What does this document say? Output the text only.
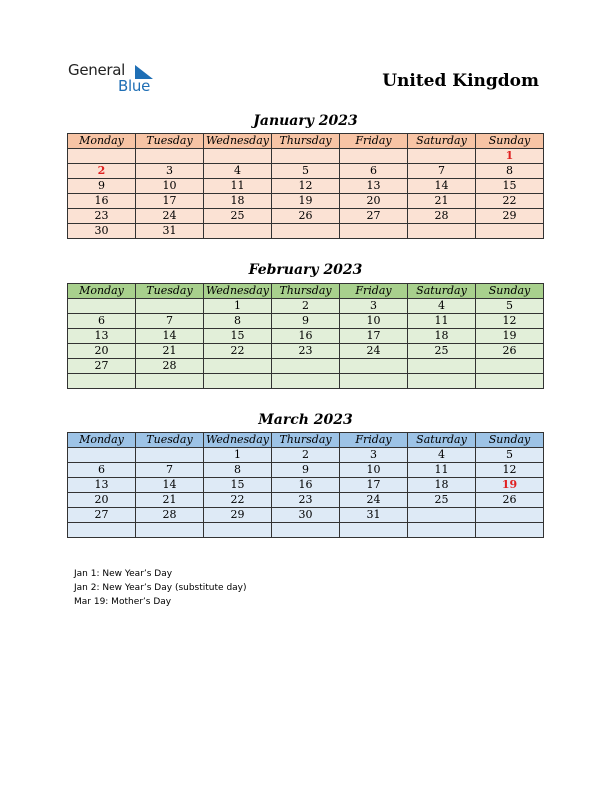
General
Blue	United Kingdom
January 2023
Monday	Tuesday	Wednesday	Thursday	Friday	Saturday	Sunday
						1
2	3	4	5	6	7	8
9	10	11	12	13	14	15
16	17	18	19	20	21	22
23	24	25	26	27	28	29
30	31					
February 2023
Monday	Tuesday	Wednesday	Thursday	Friday	Saturday	Sunday
		1	2	3	4	5
6	7	8	9	10	11	12
13	14	15	16	17	18	19
20	21	22	23	24	25	26
27	28					

March 2023
Monday	Tuesday	Wednesday	Thursday	Friday	Saturday	Sunday
		1	2	3	4	5
6	7	8	9	10	11	12
13	14	15	16	17	18	19
20	21	22	23	24	25	26
27	28	29	30	31		

Jan 1: New Year’s Day
Jan 2: New Year’s Day (substitute day)
Mar 19: Mother’s Day
